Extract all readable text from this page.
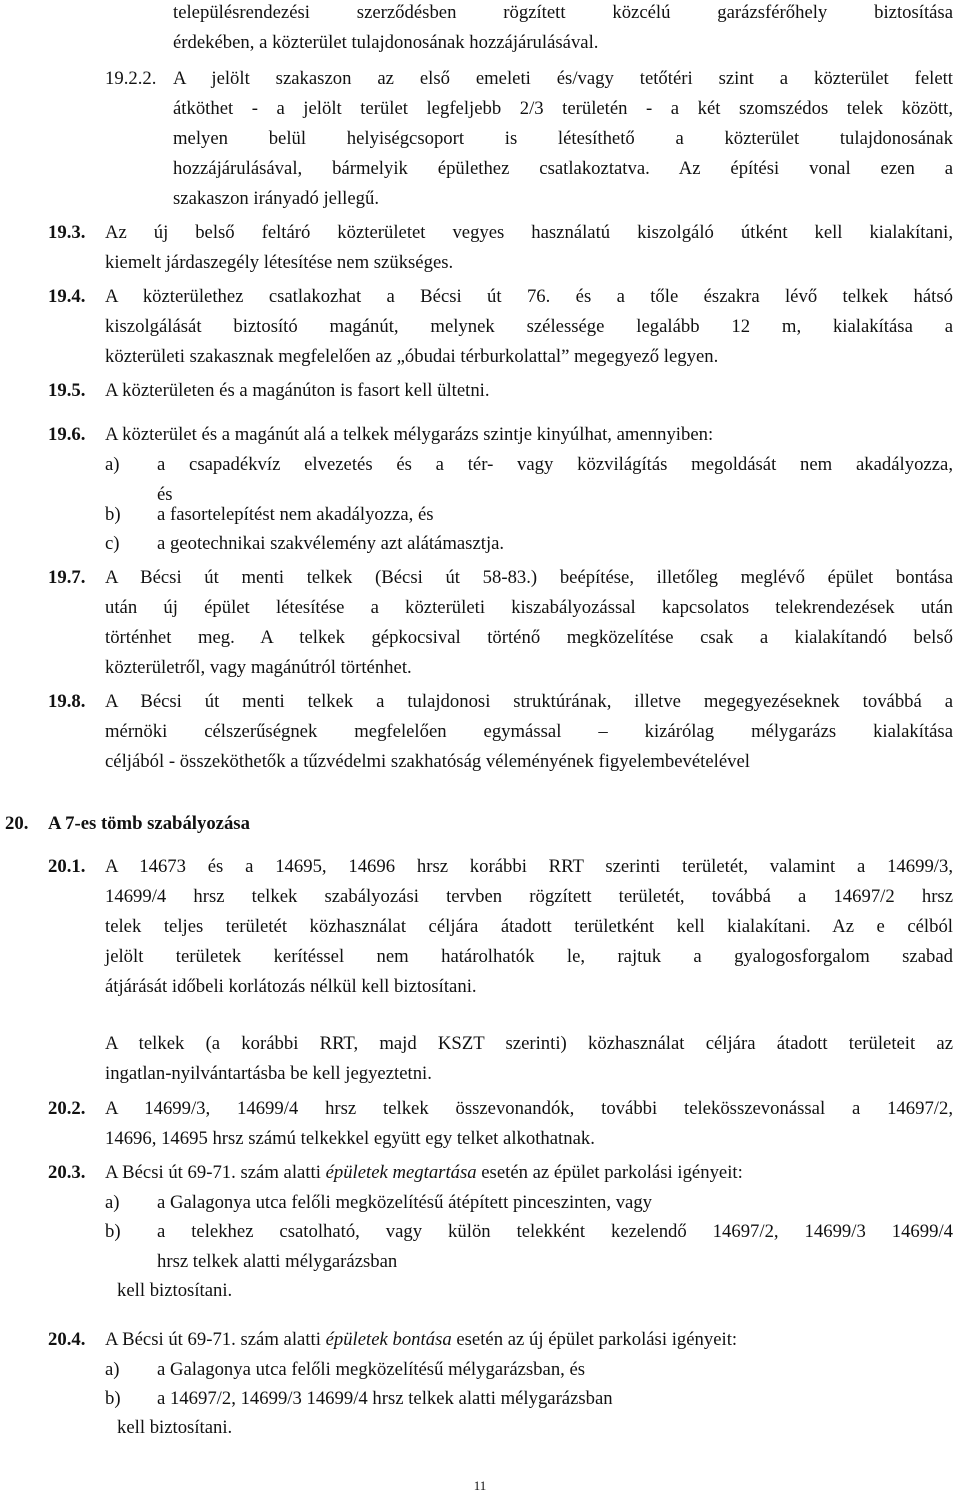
településrendezési szerződésben rögzített közcélú garázsférőhely biztosítása

érdekében, a közterület tulajdonosának hozzájárulásával.

19.2.2. A jelölt szakaszon az első emeleti és/vagy tetőtéri szint a közterület felett

átköthet - a jelölt terület legfeljebb 2/3 területén - a két szomszédos telek között,

melyen belül helyiségcsoport is létesíthető a közterület tulajdonosának

hozzájárulásával, bármelyik épülethez csatlakoztatva. Az építési vonal ezen a

szakaszon irányadó jellegű.

19.3. Az új belső feltáró közterületet vegyes használatú kiszolgáló útként kell kialakítani,

kiemelt járdaszegély létesítése nem szükséges.

19.4. A közterülethez csatlakozhat a Bécsi út 76. és a tőle északra lévő telkek hátsó

kiszolgálását biztosító magánút, melynek szélessége legalább 12 m, kialakítása a

közterületi szakasznak megfelelően az „óbudai térburkolattal” megegyező legyen.

19.5. A közterületen és a magánúton is fasort kell ültetni.

19.6. A közterület és a magánút alá a telkek mélygarázs szintje kinyúlhat, amennyiben:

a) a csapadékvíz elvezetés és a tér- vagy közvilágítás megoldását nem akadályozza,

és

b) a fasortelepítést nem akadályozza, és

c) a geotechnikai szakvélemény azt alátámasztja.

19.7. A Bécsi út menti telkek (Bécsi út 58-83.) beépítése, illetőleg meglévő épület bontása

után új épület létesítése a közterületi kiszabályozással kapcsolatos telekrendezések után

történhet meg. A telkek gépkocsival történő megközelítése csak a kialakítandó belső

közterületről, vagy magánútról történhet.

19.8. A Bécsi út menti telkek a tulajdonosi struktúrának, illetve megegyezéseknek továbbá a

mérnöki célszerűségnek megfelelően egymással – kizárólag mélygarázs kialakítása

céljából - összeköthetők a tűzvédelmi szakhatóság véleményének figyelembevételével

20. A 7-es tömb szabályozása
20.1. A 14673 és a 14695, 14696 hrsz korábbi RRT szerinti területét, valamint a 14699/3,

14699/4 hrsz telkek szabályozási tervben rögzített területét, továbbá a 14697/2 hrsz

telek teljes területét közhasználat céljára átadott területként kell kialakítani. Az e célból

jelölt területek kerítéssel nem határolhatók le, rajtuk a gyalogosforgalom szabad

átjárását időbeli korlátozás nélkül kell biztosítani.

A telkek (a korábbi RRT, majd KSZT szerinti) közhasználat céljára átadott területeit az

ingatlan-nyilvántartásba be kell jegyeztetni.

20.2. A 14699/3, 14699/4 hrsz telkek összevonandók, további telekösszevonással a 14697/2,

14696, 14695 hrsz számú telkekkel együtt egy telket alkothatnak.

20.3. A Bécsi út 69-71. szám alatti épületek megtartása esetén az épület parkolási igényeit:

a) a Galagonya utca felőli megközelítésű átépített pinceszinten, vagy

b) a telekhez csatolható, vagy külön telekként kezelendő 14697/2, 14699/3 14699/4

hrsz telkek alatti mélygarázsban

kell biztosítani.

20.4. A Bécsi út 69-71. szám alatti épületek bontása esetén az új épület parkolási igényeit:

a) a Galagonya utca felőli megközelítésű mélygarázsban, és

b) a 14697/2, 14699/3 14699/4 hrsz telkek alatti mélygarázsban

kell biztosítani.

11
